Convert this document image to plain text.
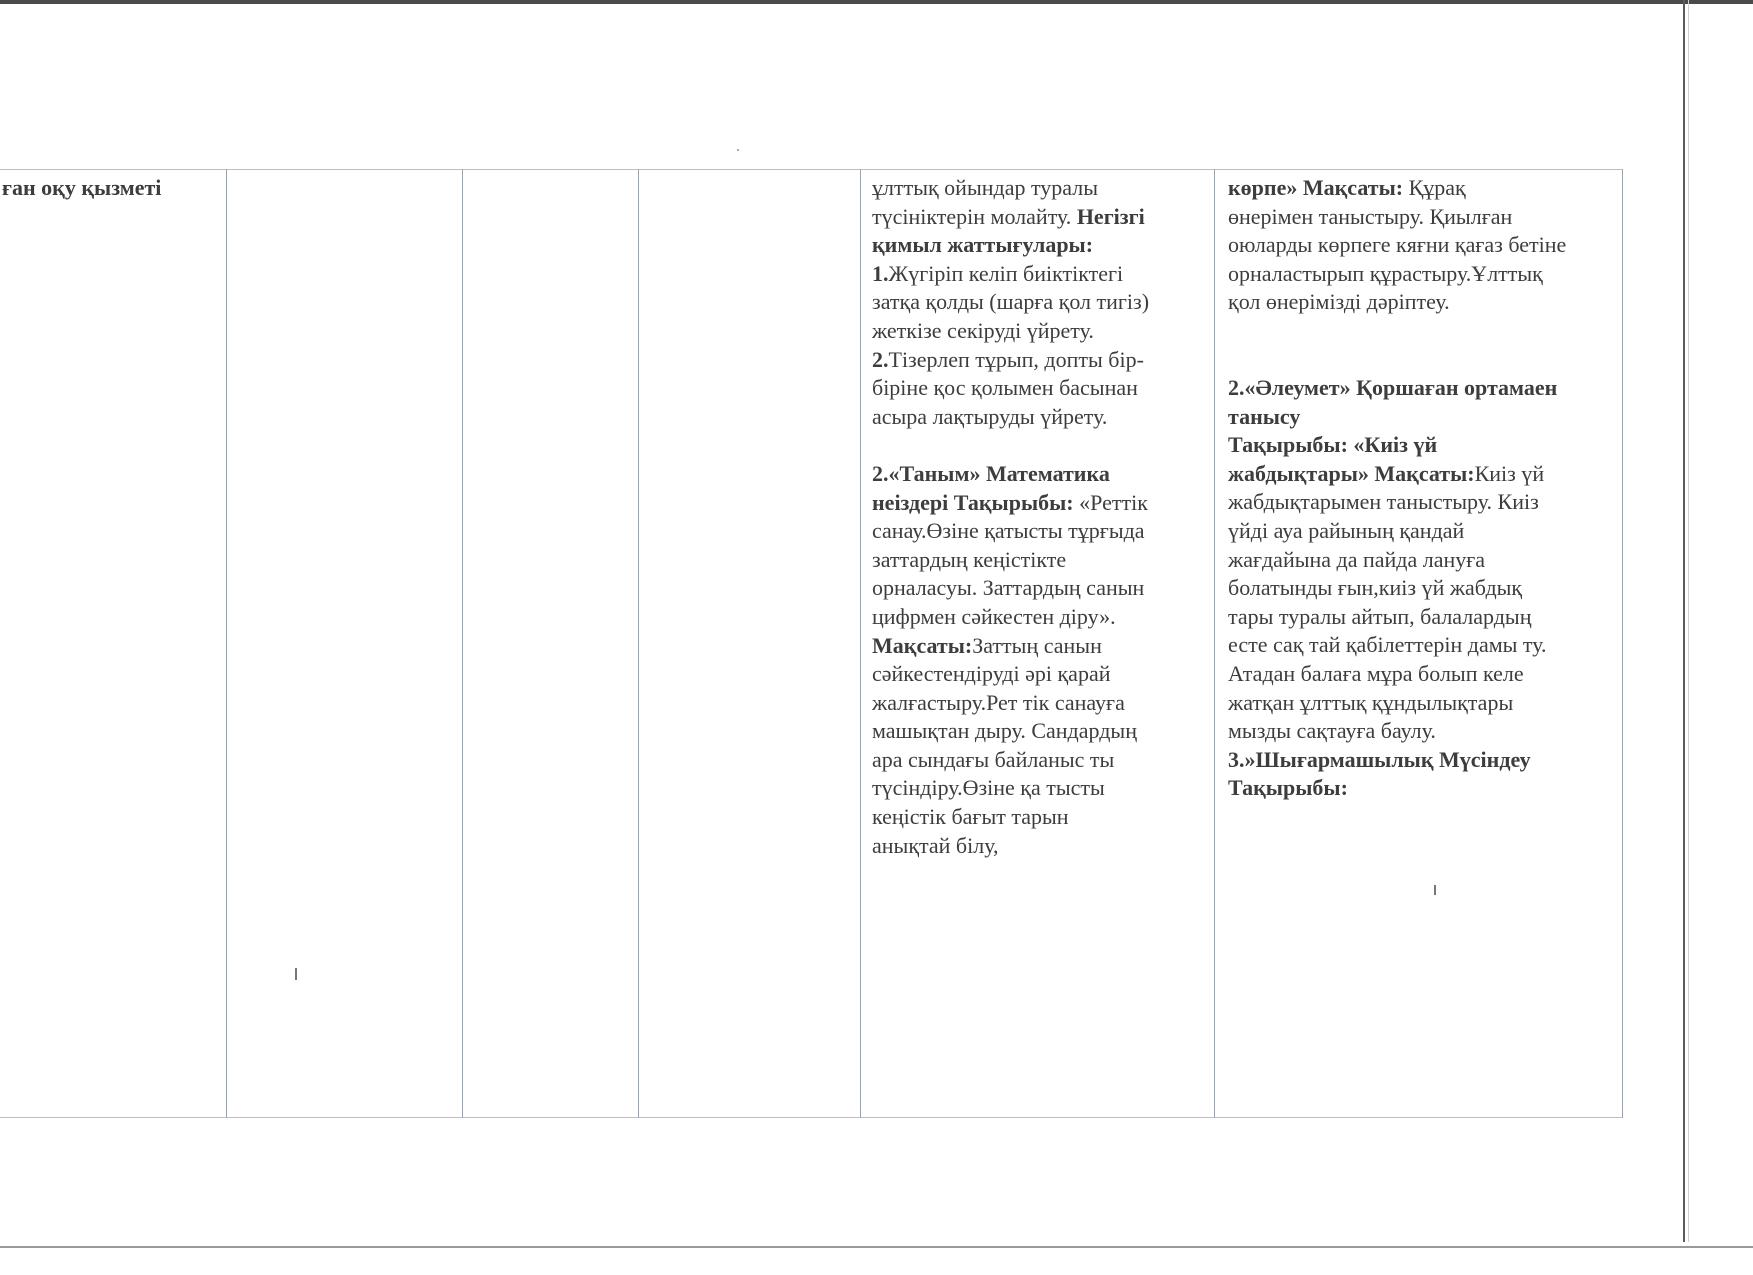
ған оқу қызметі	ұлттық ойындар туралы
түсініктерін молайту. Негізгі
қимыл жаттығулары:

1.Жүгіріп келіп биіктіктегі
затқа қолды (шарға қол тигіз)
жеткізе секіруді үйрету.

2.Тізерлеп тұрып, допты бір-
біріне қос қолымен басынан
асыра лақтыруды үйрету.

2.«Таным» Математика
неіздері Тақырыбы: «Реттік
санау.Өзіне қатысты тұрғыда
заттардың кеңістікте
орналасуы. Заттардың санын
цифрмен сәйкестен діру».

Мақсаты:Заттың санын
сәйкестендіруді әрі қарай
жалғастыру.Рет тік санауға
машықтан дыру. Сандардың
ара сындағы байланыс ты
түсіндіру.Өзіне қа тысты
кеңістік бағыт тарын
анықтай білу,

көрпе» Мақсаты: Құрақ
өнерімен таныстыру. Қиылған
оюларды көрпеге кяғни қағаз бетіне
орналастырып құрастыру.Ұлттық
қол өнерімізді дәріптеу.

2.«Әлеумет» Қоршаған ортамаен
танысу
Тақырыбы: «Киіз үй
жабдықтары» Мақсаты:Киіз үй
жабдықтарымен таныстыру. Киіз
үйді ауа райының қандай
жағдайына да пайда лануға
болатынды ғын,киіз үй жабдық
тары туралы айтып, балалардың
есте сақ тай қабілеттерін дамы ту.
Атадан балаға мұра болып келе
жатқан ұлттық құндылықтары
мызды сақтауға баулу.

3.»Шығармашылық Мүсіндеу
Тақырыбы:
